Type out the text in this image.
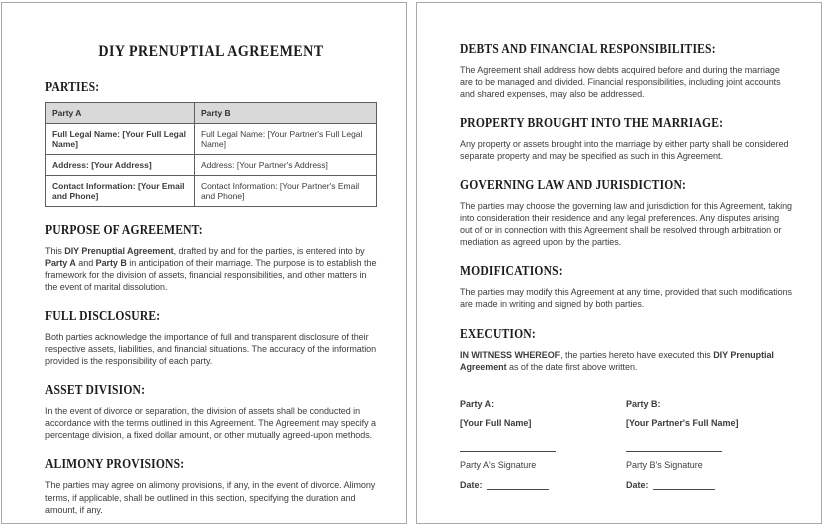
DIY PRENUPTIAL AGREEMENT
PARTIES:
Party A	Party B
Full Legal Name: [Your Full Legal Name]	Full Legal Name: [Your Partner's Full Legal Name]
Address: [Your Address]	Address: [Your Partner's Address]
Contact Information: [Your Email and Phone]	Contact Information: [Your Partner's Email and Phone]
PURPOSE OF AGREEMENT:

This DIY Prenuptial Agreement, drafted by and for the parties, is entered into by Party A and Party B in anticipation of their marriage. The purpose is to establish the framework for the division of assets, financial responsibilities, and other matters in the event of marital dissolution.

FULL DISCLOSURE:

Both parties acknowledge the importance of full and transparent disclosure of their respective assets, liabilities, and financial situations. The accuracy of the information provided is the responsibility of each party.

ASSET DIVISION:

In the event of divorce or separation, the division of assets shall be conducted in accordance with the terms outlined in this Agreement. The Agreement may specify a percentage division, a fixed dollar amount, or other mutually agreed-upon methods.

ALIMONY PROVISIONS:

The parties may agree on alimony provisions, if any, in the event of divorce. Alimony terms, if applicable, shall be outlined in this section, specifying the duration and amount, if any.

DEBTS AND FINANCIAL RESPONSIBILITIES:

The Agreement shall address how debts acquired before and during the marriage are to be managed and divided. Financial responsibilities, including joint accounts and shared expenses, may also be addressed.

PROPERTY BROUGHT INTO THE MARRIAGE:

Any property or assets brought into the marriage by either party shall be considered separate property and may be specified as such in this Agreement.

GOVERNING LAW AND JURISDICTION:

The parties may choose the governing law and jurisdiction for this Agreement, taking into consideration their residence and any legal preferences. Any disputes arising out of or in connection with this Agreement shall be resolved through arbitration or mediation as agreed upon by the parties.

MODIFICATIONS:

The parties may modify this Agreement at any time, provided that such modifications are made in writing and signed by both parties.

EXECUTION:

IN WITNESS WHEREOF, the parties hereto have executed this DIY Prenuptial Agreement as of the date first above written.

Party A:
[Your Full Name]
Party A's Signature
Date:
Party B:
[Your Partner's Full Name]
Party B's Signature
Date:
